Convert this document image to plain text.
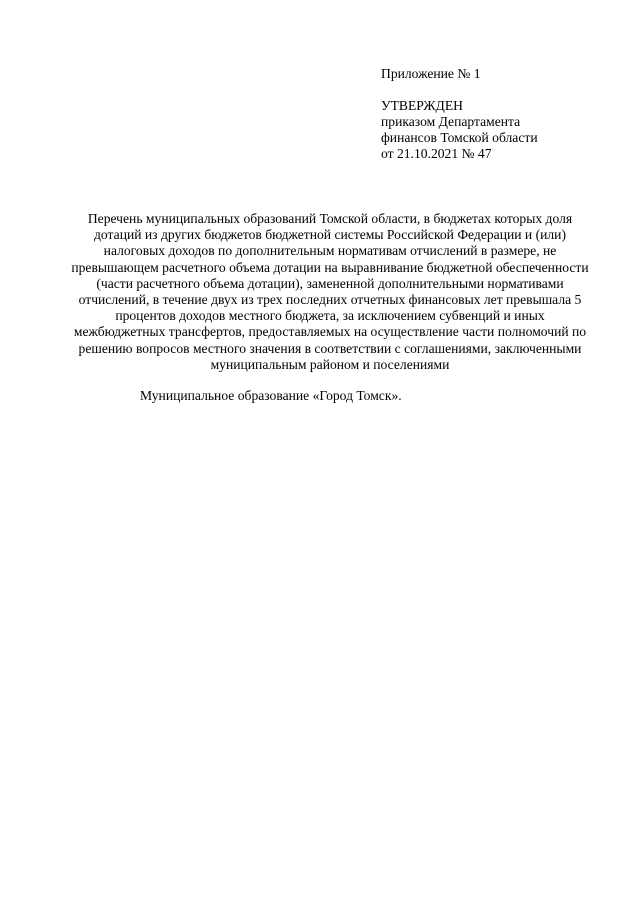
Приложение № 1
УТВЕРЖДЕН
приказом Департамента
финансов Томской области
от 21.10.2021 № 47
Перечень муниципальных образований Томской области, в бюджетах которых доля
дотаций из других бюджетов бюджетной системы Российской Федерации и (или)
налоговых доходов по дополнительным нормативам отчислений в размере, не
превышающем расчетного объема дотации на выравнивание бюджетной обеспеченности
(части расчетного объема дотации), замененной дополнительными нормативами
отчислений, в течение двух из трех последних отчетных финансовых лет превышала 5
процентов доходов местного бюджета, за исключением субвенций и иных
межбюджетных трансфертов, предоставляемых на осуществление части полномочий по
решению вопросов местного значения в соответствии с соглашениями, заключенными
муниципальным районом и поселениями
Муниципальное образование «Город Томск».
